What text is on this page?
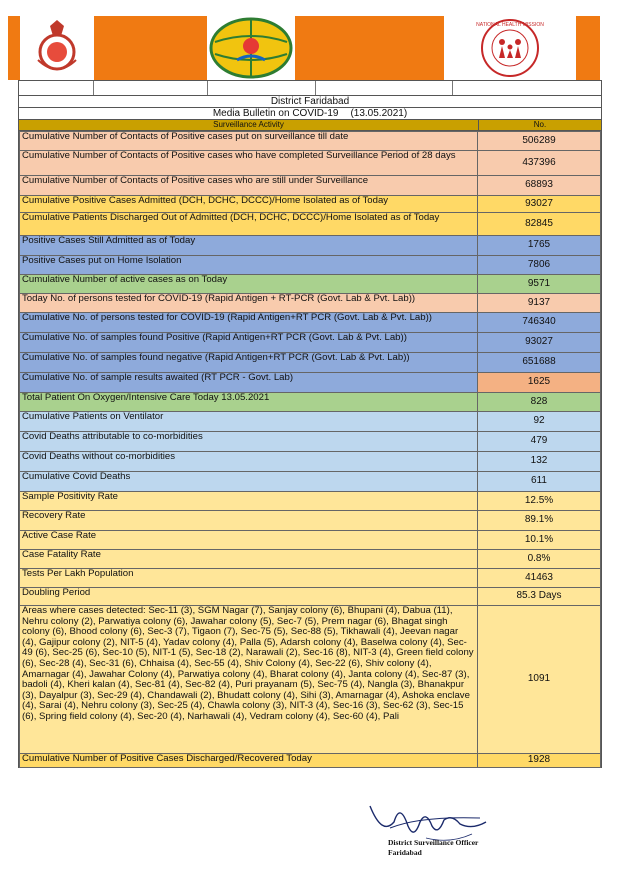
NATIONAL HEALTH MISSION
District Faridabad
Media Bulletin on COVID-19 (13.05.2021)
Surveillance Activity	No.
Cumulative Number of Contacts of Positive cases put on surveillance till date	506289
Cumulative Number of Contacts of Positive cases who have completed Surveillance Period of 28 days	437396
Cumulative Number of Contacts of Positive cases who are still under Surveillance	68893
Cumulative Positive Cases Admitted (DCH, DCHC, DCCC)/Home Isolated as of Today	93027
Cumulative Patients Discharged Out of Admitted (DCH, DCHC, DCCC)/Home Isolated as of Today	82845
Positive Cases Still Admitted as of Today	1765
Positive Cases put on Home Isolation	7806
Cumulative Number of active cases as on Today	9571
Today No. of persons tested for COVID-19 (Rapid Antigen + RT-PCR (Govt. Lab & Pvt. Lab))	9137
Cumulative No. of persons tested for COVID-19 (Rapid Antigen+RT PCR (Govt. Lab & Pvt. Lab))	746340
Cumulative No. of samples found Positive (Rapid Antigen+RT PCR (Govt. Lab & Pvt. Lab))	93027
Cumulative No. of samples found negative (Rapid Antigen+RT PCR (Govt. Lab & Pvt. Lab))	651688
Cumulative No. of sample results awaited (RT PCR - Govt. Lab)	1625
Total Patient On Oxygen/Intensive Care Today 13.05.2021	828
Cumulative Patients on Ventilator	92
Covid Deaths attributable to co-morbidities	479
Covid Deaths without co-morbidities	132
Cumulative Covid Deaths	611
Sample Positivity Rate	12.5%
Recovery Rate	89.1%
Active Case Rate	10.1%
Case Fatality Rate	0.8%
Tests Per Lakh Population	41463
Doubling Period	85.3 Days
Areas where cases detected: Sec-11 (3), SGM Nagar (7), Sanjay colony (6), Bhupani (4), Dabua (11), Nehru colony (2), Parwatiya colony (6), Jawahar colony (5), Sec-7 (5), Prem nagar (6), Bhagat singh colony (6), Bhood colony (6), Sec-3 (7), Tigaon (7), Sec-75 (5), Sec-88 (5), Tikhawali (4), Jeevan nagar (4), Gajipur colony (2), NIT-5 (4), Yadav colony (4), Palla (5), Adarsh colony (4), Baselwa colony (4), Sec-49 (6), Sec-25 (6), Sec-10 (5), NIT-1 (5), Sec-18 (2), Narawali (2), Sec-16 (8), NIT-3 (4), Green field colony (6), Sec-28 (4), Sec-31 (6), Chhaisa (4), Sec-55 (4), Shiv Colony (4), Sec-22 (6), Shiv colony (4), Amarnagar (4), Jawahar Colony (4), Parwatiya colony (4), Bharat colony (4), Janta colony (4), Sec-87 (3), badoli (4), Kheri kalan (4), Sec-81 (4), Sec-82 (4), Puri prayanam (5), Sec-75 (4), Nangla (3), Bhanakpur (3), Dayalpur (3), Sec-29 (4), Chandawali (2), Bhudatt colony (4), Sihi (3), Amarnagar (4), Ashoka enclave (4), Sarai (4), Nehru colony (3), Sec-25 (4), Chawla colony (3), NIT-3 (4), Sec-16 (3), Sec-62 (3), Sec-15 (6), Spring field colony (4), Sec-20 (4), Narhawali (4), Vedram colony (4), Sec-60 (4), Pali	1091
Cumulative Number of Positive Cases Discharged/Recovered Today	1928
District Surveillance Officer
Faridabad
